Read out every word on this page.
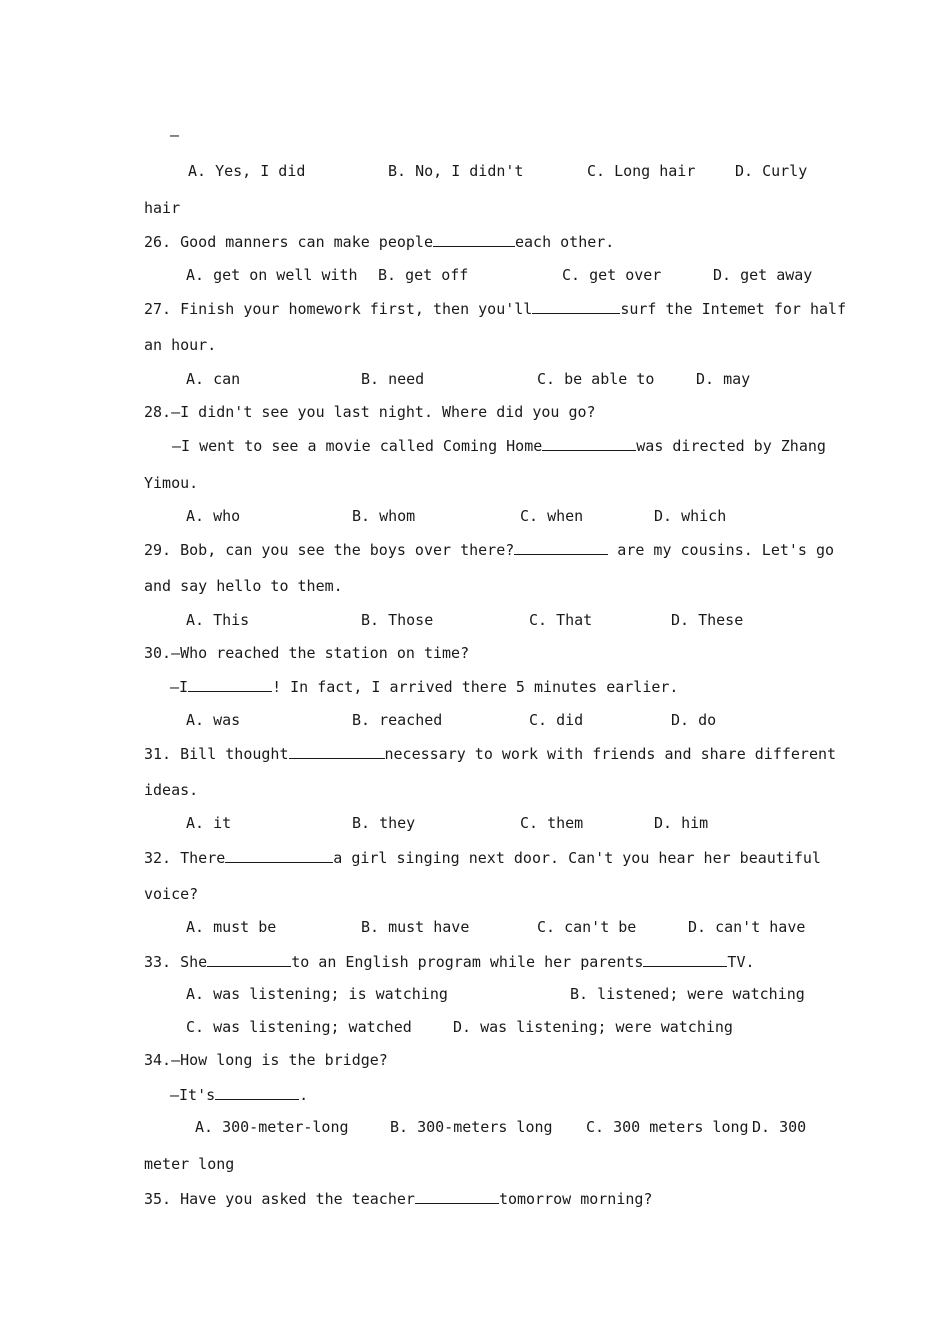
—
A. Yes, I did	B. No, I didn't	C. Long hair	D. Curly
hair
26. Good manners can make people	each other.
A. get on well with B. get off	C. get over	D. get away
27. Finish your homework first, then you'll	surf the Intemet for half
an hour.
A. can	B. need	C. be able to	D. may
28.—I didn't see you last night. Where did you go?
—I went to see a movie called Coming Home	was directed by Zhang
Yimou.
A. who	B. whom	C. when	D. which
29. Bob, can you see the boys over there?	are my cousins. Let's go
and say hello to them.
A. This	B. Those	C. That	D. These
30.—Who reached the station on time?
—I	! In fact, I arrived there 5 minutes earlier.
A. was	B. reached	C. did	D. do
31. Bill thought	necessary to work with friends and share different
ideas.
A. it	B. they	C. them	D. him
32. There	a girl singing next door. Can't you hear her beautiful
voice?
A. must be	B. must have	C. can't be	D. can't have
33. She	to an English program while her parents	TV.
A. was listening; is watching	B. listened; were watching
C. was listening; watched	D. was listening; were watching
34.—How long is the bridge?
—It's	.
A. 300-meter-long	B. 300-meters long C. 300 meters long D. 300
meter long
35. Have you asked the teacher	tomorrow morning?
